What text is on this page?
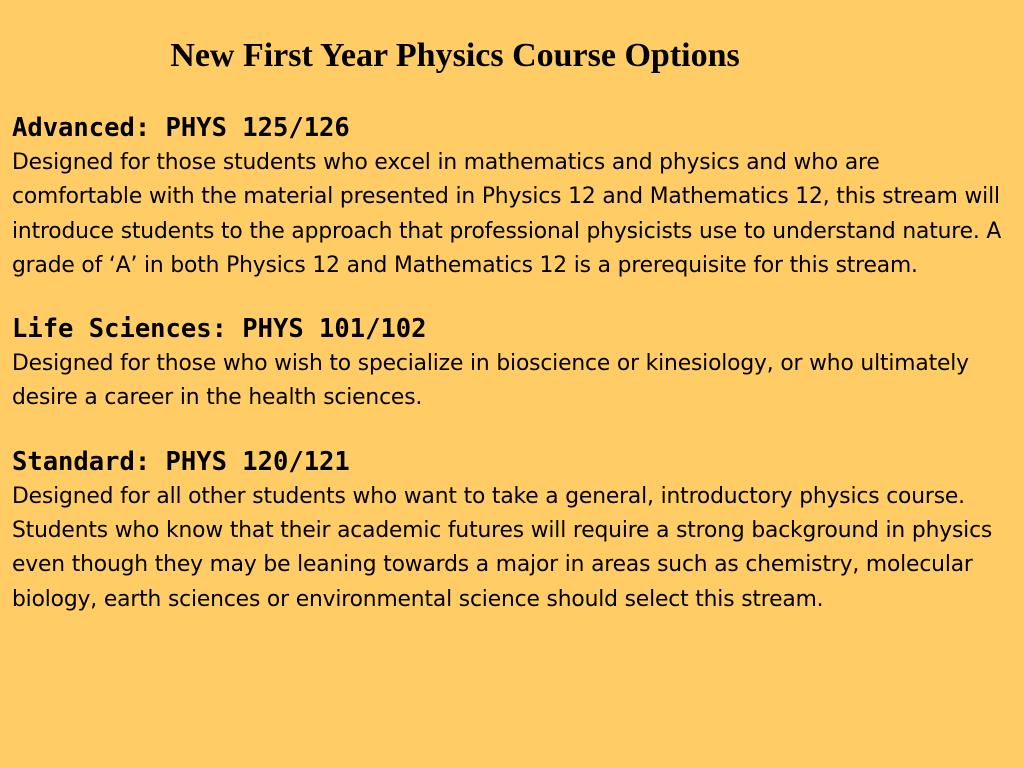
New First Year Physics Course Options
Advanced: PHYS 125/126

Designed for those students who excel in mathematics and physics and who are comfortable with the material presented in Physics 12 and Mathematics 12, this stream will introduce students to the approach that professional physicists use to understand nature. A grade of ‘A’ in both Physics 12 and Mathematics 12 is a prerequisite for this stream.

Life Sciences: PHYS 101/102

Designed for those who wish to specialize in bioscience or kinesiology, or who ultimately desire a career in the health sciences.

Standard: PHYS 120/121

Designed for all other students who want to take a general, introductory physics course. Students who know that their academic futures will require a strong background in physics even though they may be leaning towards a major in areas such as chemistry, molecular biology, earth sciences or environmental science should select this stream.
